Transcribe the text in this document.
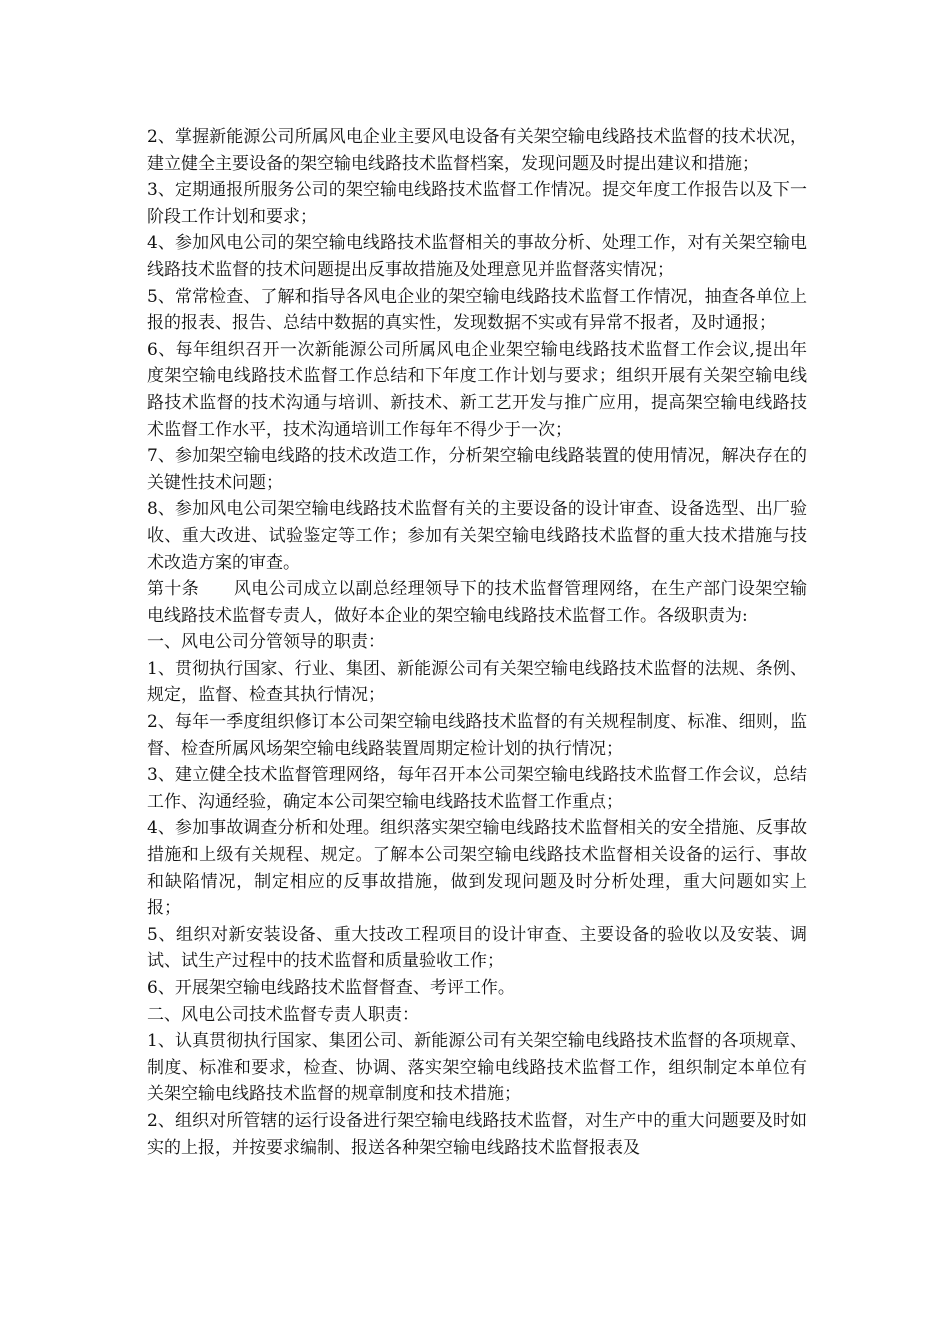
2、掌握新能源公司所属风电企业主要风电设备有关架空输电线路技术监督的技术状况，建立健全主要设备的架空输电线路技术监督档案，发现问题及时提出建议和措施；

3、定期通报所服务公司的架空输电线路技术监督工作情况。提交年度工作报告以及下一阶段工作计划和要求；

4、参加风电公司的架空输电线路技术监督相关的事故分析、处理工作，对有关架空输电线路技术监督的技术问题提出反事故措施及处理意见并监督落实情况；

5、常常检查、了解和指导各风电企业的架空输电线路技术监督工作情况，抽查各单位上报的报表、报告、总结中数据的真实性，发现数据不实或有异常不报者，及时通报；

6、每年组织召开一次新能源公司所属风电企业架空输电线路技术监督工作会议,提出年度架空输电线路技术监督工作总结和下年度工作计划与要求；组织开展有关架空输电线路技术监督的技术沟通与培训、新技术、新工艺开发与推广应用，提高架空输电线路技术监督工作水平，技术沟通培训工作每年不得少于一次；

7、参加架空输电线路的技术改造工作，分析架空输电线路装置的使用情况，解决存在的关键性技术问题；

8、参加风电公司架空输电线路技术监督有关的主要设备的设计审查、设备选型、出厂验收、重大改进、试验鉴定等工作；参加有关架空输电线路技术监督的重大技术措施与技术改造方案的审查。

第十条　　风电公司成立以副总经理领导下的技术监督管理网络，在生产部门设架空输电线路技术监督专责人，做好本企业的架空输电线路技术监督工作。各级职责为:

一、风电公司分管领导的职责：

1、贯彻执行国家、行业、集团、新能源公司有关架空输电线路技术监督的法规、条例、规定，监督、检查其执行情况；

2、每年一季度组织修订本公司架空输电线路技术监督的有关规程制度、标准、细则，监督、检查所属风场架空输电线路装置周期定检计划的执行情况；

3、建立健全技术监督管理网络，每年召开本公司架空输电线路技术监督工作会议，总结工作、沟通经验，确定本公司架空输电线路技术监督工作重点；

4、参加事故调查分析和处理。组织落实架空输电线路技术监督相关的安全措施、反事故措施和上级有关规程、规定。了解本公司架空输电线路技术监督相关设备的运行、事故和缺陷情况，制定相应的反事故措施，做到发现问题及时分析处理，重大问题如实上报；

5、组织对新安装设备、重大技改工程项目的设计审查、主要设备的验收以及安装、调试、试生产过程中的技术监督和质量验收工作；

6、开展架空输电线路技术监督督查、考评工作。

二、风电公司技术监督专责人职责：

1、认真贯彻执行国家、集团公司、新能源公司有关架空输电线路技术监督的各项规章、制度、标准和要求，检查、协调、落实架空输电线路技术监督工作，组织制定本单位有关架空输电线路技术监督的规章制度和技术措施；

2、组织对所管辖的运行设备进行架空输电线路技术监督，对生产中的重大问题要及时如实的上报，并按要求编制、报送各种架空输电线路技术监督报表及
